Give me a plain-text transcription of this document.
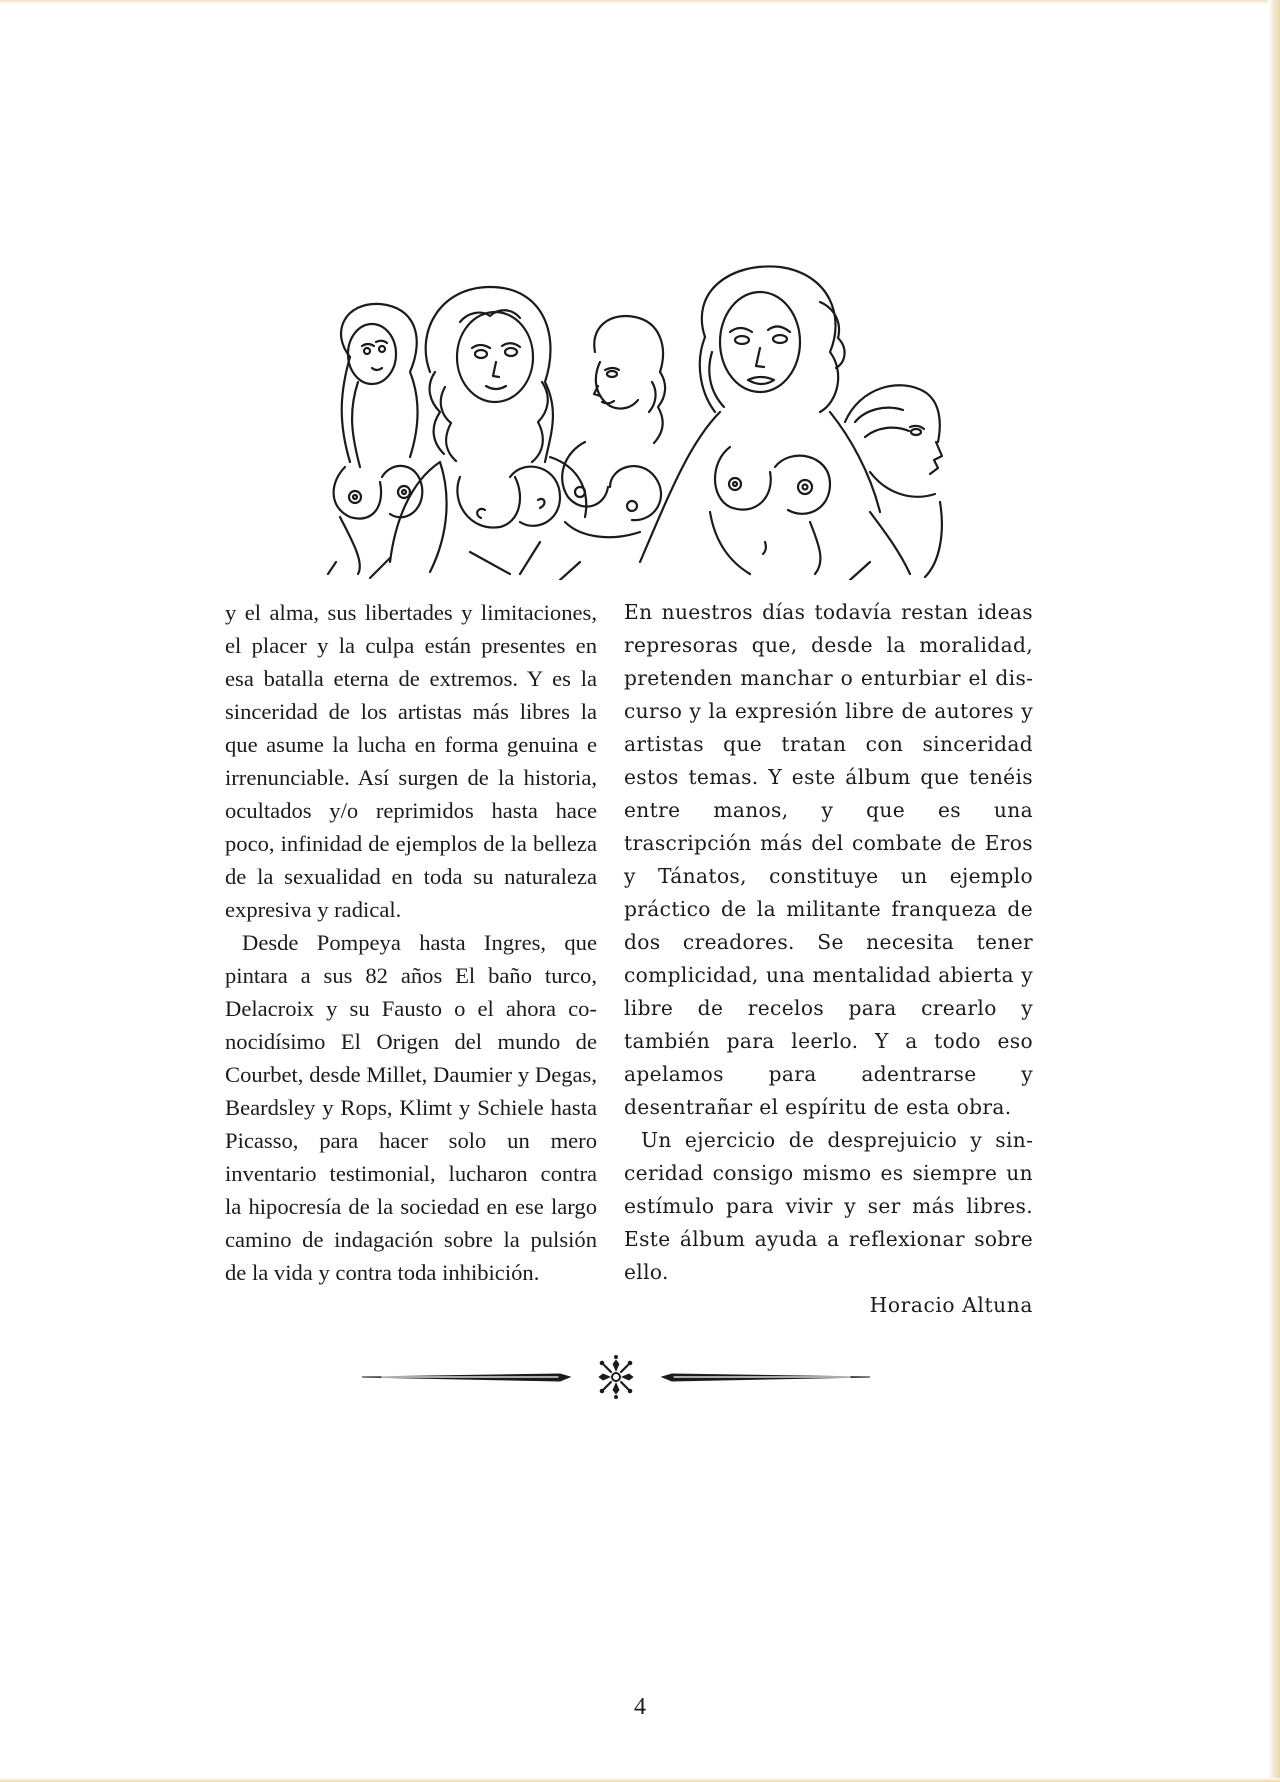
y el alma, sus libertades y limitaciones, el placer y la culpa están presentes en esa batalla eterna de extremos. Y es la sinceridad de los artistas más libres la que asume la lucha en forma genuina e irrenunciable. Así surgen de la historia, ocultados y/o reprimidos hasta hace poco, infinidad de ejemplos de la belleza de la sexualidad en toda su naturaleza expresiva y radical.

Desde Pompeya hasta Ingres, que pintara a sus 82 años El baño turco, Delacroix y su Fausto o el ahora conocidísimo El Origen del mundo de Courbet, desde Millet, Daumier y Degas, Beardsley y Rops, Klimt y Schiele hasta Picasso, para hacer solo un mero inventario testimonial, lucharon contra la hipocresía de la sociedad en ese largo camino de indagación sobre la pulsión de la vida y contra toda inhibición.

En nuestros días todavía restan ideas represoras que, desde la moralidad, pretenden manchar o enturbiar el discurso y la expresión libre de autores y artistas que tratan con sinceridad estos temas. Y este álbum que tenéis entre manos, y que es una trascripción más del combate de Eros y Tánatos, constituye un ejemplo práctico de la militante franqueza de dos creadores. Se necesita tener complicidad, una mentalidad abierta y libre de recelos para crearlo y también para leerlo. Y a todo eso apelamos para adentrarse y desentrañar el espíritu de esta obra.

Un ejercicio de desprejuicio y sinceridad consigo mismo es siempre un estímulo para vivir y ser más libres. Este álbum ayuda a reflexionar sobre ello.

Horacio Altuna

4
